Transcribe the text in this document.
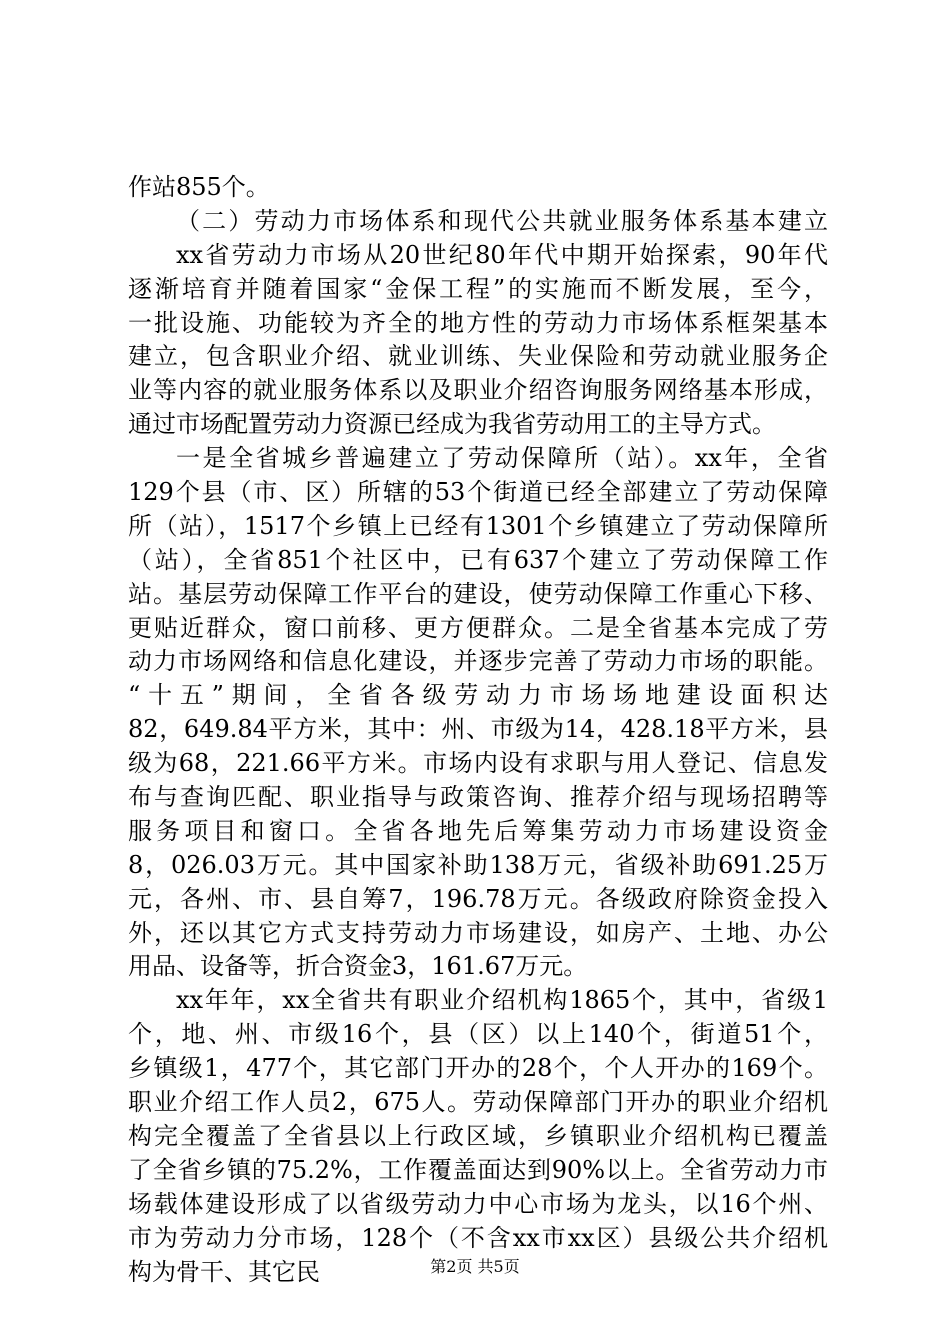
作站855个。
（二）劳动力市场体系和现代公共就业服务体系基本建立
xx省劳动力市场从20世纪80年代中期开始探索，90年代
逐渐培育并随着国家“金保工程”的实施而不断发展，至今，
一批设施、功能较为齐全的地方性的劳动力市场体系框架基本
建立，包含职业介绍、就业训练、失业保险和劳动就业服务企
业等内容的就业服务体系以及职业介绍咨询服务网络基本形成，
通过市场配置劳动力资源已经成为我省劳动用工的主导方式。
一是全省城乡普遍建立了劳动保障所（站）。xx年，全省
129个县（市、区）所辖的53个街道已经全部建立了劳动保障
所（站），1517个乡镇上已经有1301个乡镇建立了劳动保障所
（站），全省851个社区中，已有637个建立了劳动保障工作
站。基层劳动保障工作平台的建设，使劳动保障工作重心下移、
更贴近群众，窗口前移、更方便群众。二是全省基本完成了劳
动力市场网络和信息化建设，并逐步完善了劳动力市场的职能。
“十五”期间，全省各级劳动力市场场地建设面积达
82，649.84平方米，其中：州、市级为14，428.18平方米，县
级为68，221.66平方米。市场内设有求职与用人登记、信息发
布与查询匹配、职业指导与政策咨询、推荐介绍与现场招聘等
服务项目和窗口。全省各地先后筹集劳动力市场建设资金
8，026.03万元。其中国家补助138万元，省级补助691.25万
元，各州、市、县自筹7，196.78万元。各级政府除资金投入
外，还以其它方式支持劳动力市场建设，如房产、土地、办公
用品、设备等，折合资金3，161.67万元。
xx年年，xx全省共有职业介绍机构1865个，其中，省级1
个，地、州、市级16个，县（区）以上140个，街道51个，
乡镇级1，477个，其它部门开办的28个，个人开办的169个。
职业介绍工作人员2，675人。劳动保障部门开办的职业介绍机
构完全覆盖了全省县以上行政区域，乡镇职业介绍机构已覆盖
了全省乡镇的75.2%，工作覆盖面达到90%以上。全省劳动力市
场载体建设形成了以省级劳动力中心市场为龙头，以16个州、
市为劳动力分市场，128个（不含xx市xx区）县级公共介绍机
构为骨干、其它民	第2页 共5页
